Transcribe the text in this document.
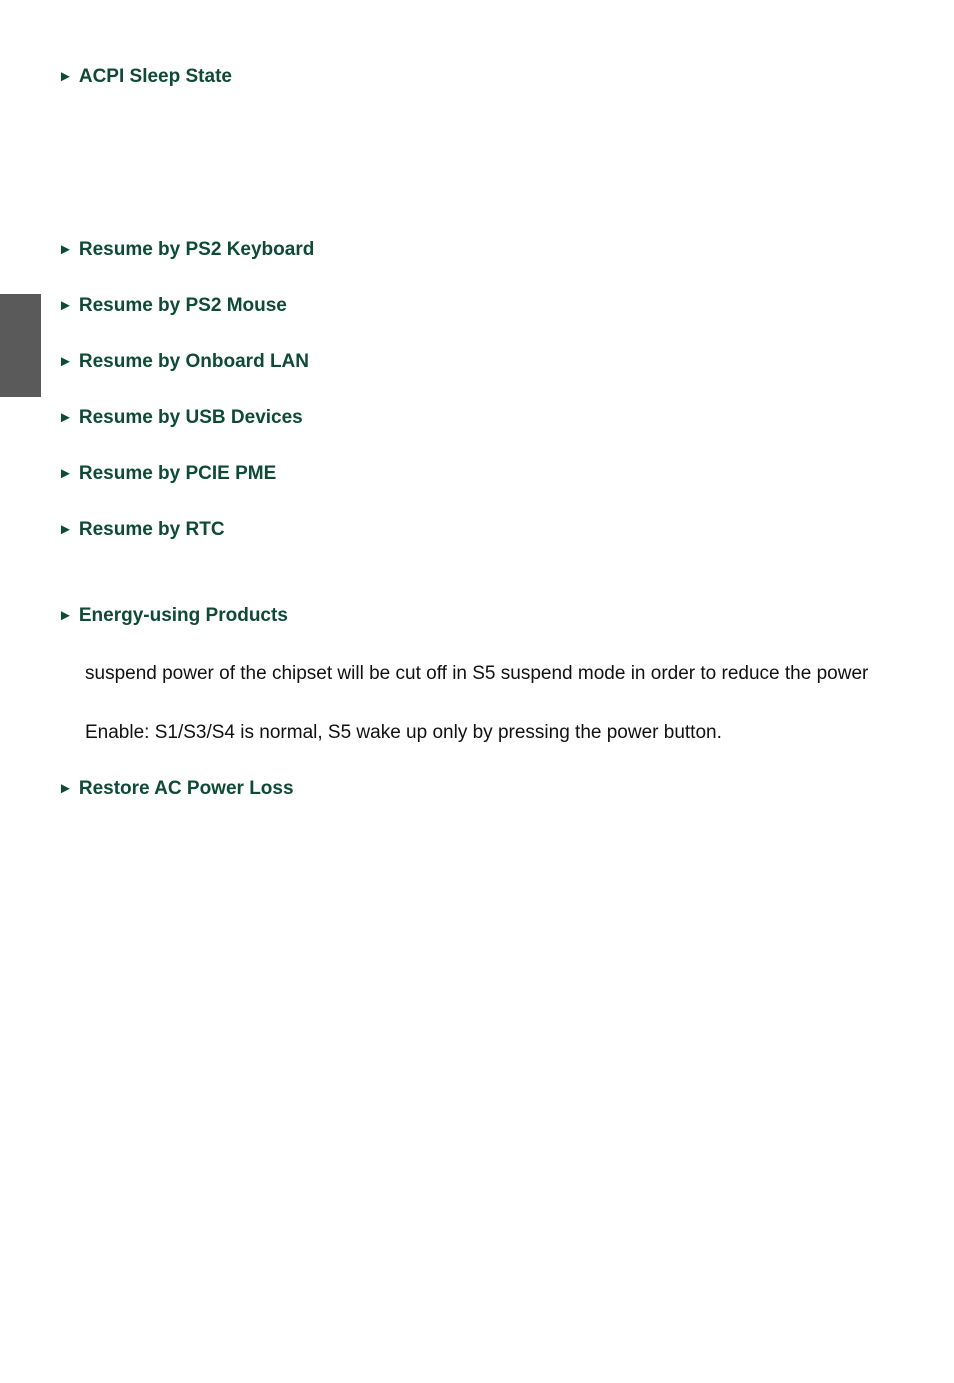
► ACPI Sleep State
► Resume by PS2 Keyboard
► Resume by PS2 Mouse
► Resume by Onboard LAN
► Resume by USB Devices
► Resume by PCIE PME
► Resume by RTC
► Energy-using Products
suspend power of the chipset will be cut off in S5 suspend mode in order to reduce the power
Enable: S1/S3/S4 is normal, S5 wake up only by pressing the power button.
► Restore AC Power Loss
